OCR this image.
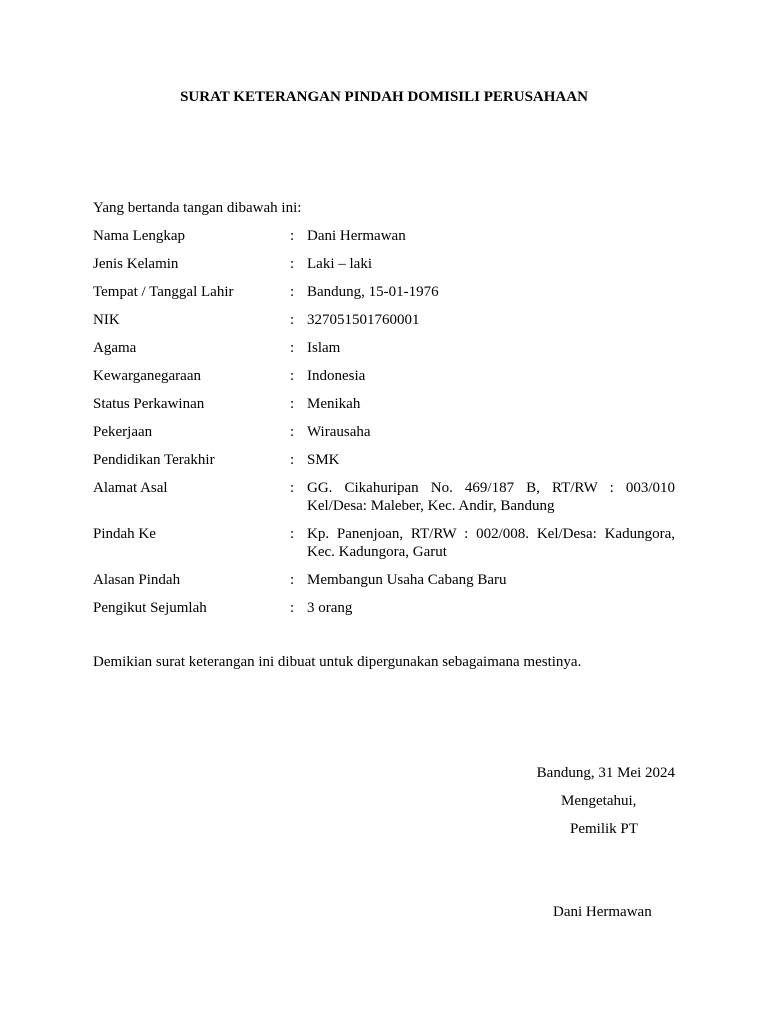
SURAT KETERANGAN PINDAH DOMISILI PERUSAHAAN
Yang bertanda tangan dibawah ini:
Nama Lengkap	: Dani Hermawan
Jenis Kelamin	: Laki – laki
Tempat / Tanggal Lahir	: Bandung, 15-01-1976
NIK	: 327051501760001
Agama	: Islam
Kewarganegaraan	: Indonesia
Status Perkawinan	: Menikah
Pekerjaan	: Wirausaha
Pendidikan Terakhir	: SMK
Alamat Asal	: GG. Cikahuripan No. 469/187 B, RT/RW : 003/010 Kel/Desa: Maleber, Kec. Andir, Bandung
Pindah Ke	: Kp. Panenjoan, RT/RW : 002/008. Kel/Desa: Kadungora, Kec. Kadungora, Garut
Alasan Pindah	: Membangun Usaha Cabang Baru
Pengikut Sejumlah	: 3 orang
Demikian surat keterangan ini dibuat untuk dipergunakan sebagaimana mestinya.
Bandung, 31 Mei 2024
Mengetahui,
Pemilik PT
Dani Hermawan
